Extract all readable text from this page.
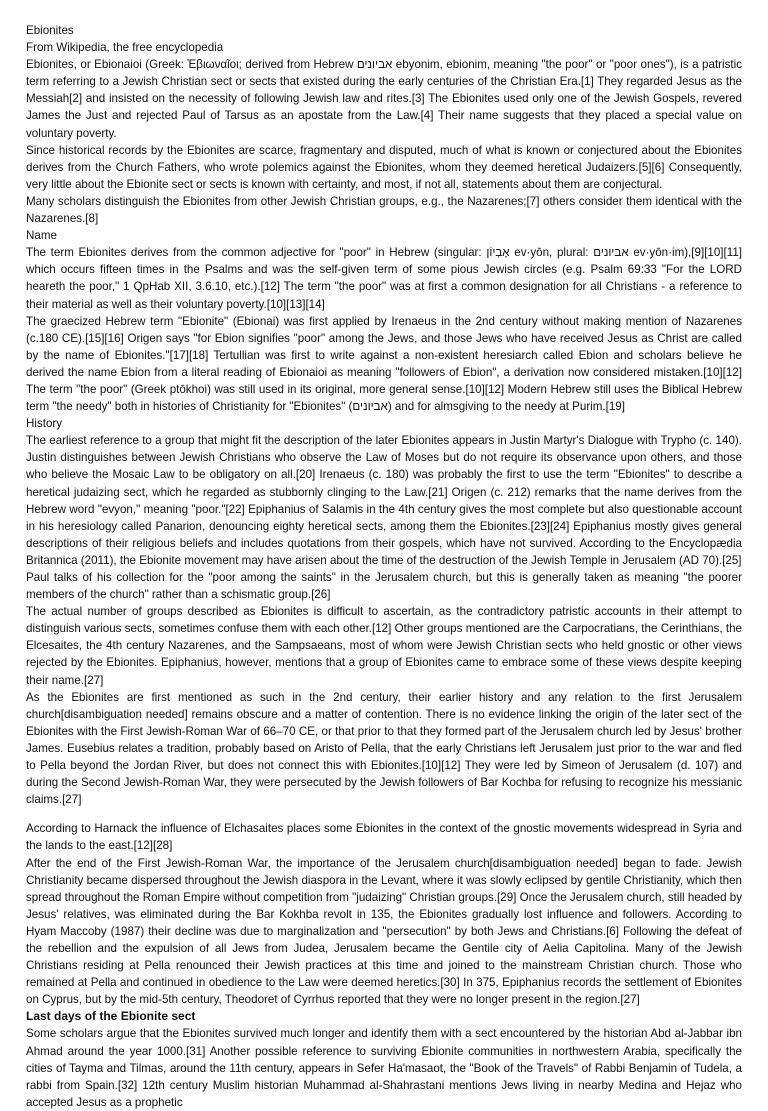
Ebionites

From Wikipedia, the free encyclopedia

Ebionites, or Ebionaioi (Greek: Ἐβιωναῖοι; derived from Hebrew אביונים ebyonim, ebionim, meaning "the poor" or "poor ones"), is a patristic term referring to a Jewish Christian sect or sects that existed during the early centuries of the Christian Era.[1] They regarded Jesus as the Messiah[2] and insisted on the necessity of following Jewish law and rites.[3] The Ebionites used only one of the Jewish Gospels, revered James the Just and rejected Paul of Tarsus as an apostate from the Law.[4] Their name suggests that they placed a special value on voluntary poverty.

Since historical records by the Ebionites are scarce, fragmentary and disputed, much of what is known or conjectured about the Ebionites derives from the Church Fathers, who wrote polemics against the Ebionites, whom they deemed heretical Judaizers.[5][6] Consequently, very little about the Ebionite sect or sects is known with certainty, and most, if not all, statements about them are conjectural.

Many scholars distinguish the Ebionites from other Jewish Christian groups, e.g., the Nazarenes;[7] others consider them identical with the Nazarenes.[8]

Name

The term Ebionites derives from the common adjective for "poor" in Hebrew (singular: אֶבְיוֹן ev·yōn, plural: אביונים ev·yōn·im),[9][10][11] which occurs fifteen times in the Psalms and was the self-given term of some pious Jewish circles (e.g. Psalm 69:33 "For the LORD heareth the poor," 1 QpHab XII, 3.6.10, etc.).[12] The term "the poor" was at first a common designation for all Christians - a reference to their material as well as their voluntary poverty.[10][13][14]

The graecized Hebrew term "Ebionite" (Ebionai) was first applied by Irenaeus in the 2nd century without making mention of Nazarenes (c.180 CE).[15][16] Origen says "for Ebion signifies "poor" among the Jews, and those Jews who have received Jesus as Christ are called by the name of Ebionites."[17][18] Tertullian was first to write against a non-existent heresiarch called Ebion and scholars believe he derived the name Ebion from a literal reading of Ebionaioi as meaning "followers of Ebion", a derivation now considered mistaken.[10][12] The term "the poor" (Greek ptōkhoi) was still used in its original, more general sense.[10][12] Modern Hebrew still uses the Biblical Hebrew term "the needy" both in histories of Christianity for "Ebionites" (אביונים) and for almsgiving to the needy at Purim.[19]

History

The earliest reference to a group that might fit the description of the later Ebionites appears in Justin Martyr's Dialogue with Trypho (c. 140). Justin distinguishes between Jewish Christians who observe the Law of Moses but do not require its observance upon others, and those who believe the Mosaic Law to be obligatory on all.[20] Irenaeus (c. 180) was probably the first to use the term "Ebionites" to describe a heretical judaizing sect, which he regarded as stubbornly clinging to the Law.[21] Origen (c. 212) remarks that the name derives from the Hebrew word "evyon," meaning "poor."[22] Epiphanius of Salamis in the 4th century gives the most complete but also questionable account in his heresiology called Panarion, denouncing eighty heretical sects, among them the Ebionites.[23][24] Epiphanius mostly gives general descriptions of their religious beliefs and includes quotations from their gospels, which have not survived. According to the Encyclopædia Britannica (2011), the Ebionite movement may have arisen about the time of the destruction of the Jewish Temple in Jerusalem (AD 70).[25]

Paul talks of his collection for the "poor among the saints" in the Jerusalem church, but this is generally taken as meaning "the poorer members of the church" rather than a schismatic group.[26]

The actual number of groups described as Ebionites is difficult to ascertain, as the contradictory patristic accounts in their attempt to distinguish various sects, sometimes confuse them with each other.[12] Other groups mentioned are the Carpocratians, the Cerinthians, the Elcesaites, the 4th century Nazarenes, and the Sampsaeans, most of whom were Jewish Christian sects who held gnostic or other views rejected by the Ebionites. Epiphanius, however, mentions that a group of Ebionites came to embrace some of these views despite keeping their name.[27]

As the Ebionites are first mentioned as such in the 2nd century, their earlier history and any relation to the first Jerusalem church[disambiguation needed] remains obscure and a matter of contention. There is no evidence linking the origin of the later sect of the Ebionites with the First Jewish-Roman War of 66–70 CE, or that prior to that they formed part of the Jerusalem church led by Jesus' brother James. Eusebius relates a tradition, probably based on Aristo of Pella, that the early Christians left Jerusalem just prior to the war and fled to Pella beyond the Jordan River, but does not connect this with Ebionites.[10][12] They were led by Simeon of Jerusalem (d. 107) and during the Second Jewish-Roman War, they were persecuted by the Jewish followers of Bar Kochba for refusing to recognize his messianic claims.[27]

According to Harnack the influence of Elchasaites places some Ebionites in the context of the gnostic movements widespread in Syria and the lands to the east.[12][28]

After the end of the First Jewish-Roman War, the importance of the Jerusalem church[disambiguation needed] began to fade. Jewish Christianity became dispersed throughout the Jewish diaspora in the Levant, where it was slowly eclipsed by gentile Christianity, which then spread throughout the Roman Empire without competition from "judaizing" Christian groups.[29] Once the Jerusalem church, still headed by Jesus' relatives, was eliminated during the Bar Kokhba revolt in 135, the Ebionites gradually lost influence and followers. According to Hyam Maccoby (1987) their decline was due to marginalization and "persecution" by both Jews and Christians.[6] Following the defeat of the rebellion and the expulsion of all Jews from Judea, Jerusalem became the Gentile city of Aelia Capitolina. Many of the Jewish Christians residing at Pella renounced their Jewish practices at this time and joined to the mainstream Christian church. Those who remained at Pella and continued in obedience to the Law were deemed heretics.[30] In 375, Epiphanius records the settlement of Ebionites on Cyprus, but by the mid-5th century, Theodoret of Cyrrhus reported that they were no longer present in the region.[27]

Last days of the Ebionite sect

Some scholars argue that the Ebionites survived much longer and identify them with a sect encountered by the historian Abd al-Jabbar ibn Ahmad around the year 1000.[31] Another possible reference to surviving Ebionite communities in northwestern Arabia, specifically the cities of Tayma and Tilmas, around the 11th century, appears in Sefer Ha'masaot, the "Book of the Travels" of Rabbi Benjamin of Tudela, a rabbi from Spain.[32] 12th century Muslim historian Muhammad al-Shahrastani mentions Jews living in nearby Medina and Hejaz who accepted Jesus as a prophetic
